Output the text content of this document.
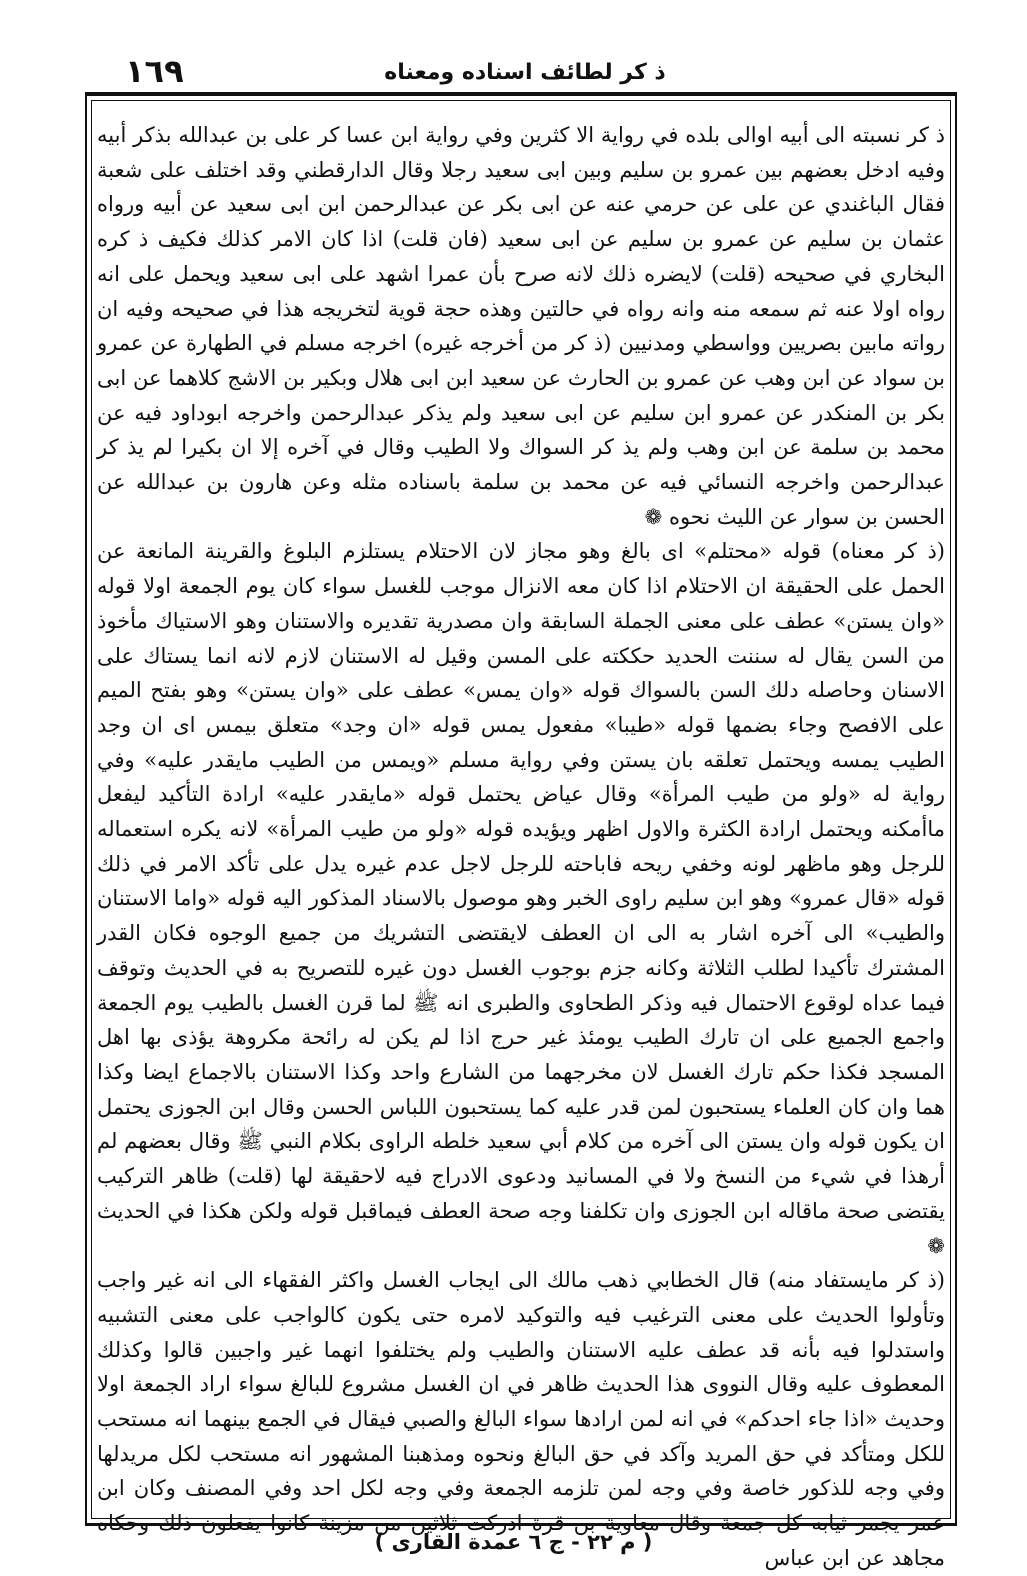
١٦٩	ذ كر لطائف اسناده ومعناه

ذ كر نسبته الى أبيه اوالى بلده في رواية الا كثرين وفي رواية ابن عسا كر على بن عبدالله بذكر أبيه وفيه ادخل بعضهم بين عمرو بن سليم وبين ابى سعيد رجلا وقال الدارقطني وقد اختلف على شعبة فقال الباغندي عن على عن حرمي عنه عن ابى بكر عن عبدالرحمن ابن ابى سعيد عن أبيه ورواه عثمان بن سليم عن عمرو بن سليم عن ابى سعيد (فان قلت) اذا كان الامر كذلك فكيف ذ كره البخاري في صحيحه (قلت) لايضره ذلك لانه صرح بأن عمرا اشهد على ابى سعيد ويحمل على انه رواه اولا عنه ثم سمعه منه وانه رواه في حالتين وهذه حجة قوية لتخريجه هذا في صحيحه وفيه ان رواته مابين بصريين وواسطي ومدنيين (ذ كر من أخرجه غيره) اخرجه مسلم في الطهارة عن عمرو بن سواد عن ابن وهب عن عمرو بن الحارث عن سعيد ابن ابى هلال وبكير بن الاشج كلاهما عن ابى بكر بن المنكدر عن عمرو ابن سليم عن ابى سعيد ولم يذكر عبدالرحمن واخرجه ابوداود فيه عن محمد بن سلمة عن ابن وهب ولم يذ كر السواك ولا الطيب وقال في آخره إلا ان بكيرا لم يذ كر عبدالرحمن واخرجه النسائي فيه عن محمد بن سلمة باسناده مثله وعن هارون بن عبدالله عن الحسن بن سوار عن الليث نحوه ❁

(ذ كر معناه) قوله «محتلم» اى بالغ وهو مجاز لان الاحتلام يستلزم البلوغ والقرينة المانعة عن الحمل على الحقيقة ان الاحتلام اذا كان معه الانزال موجب للغسل سواء كان يوم الجمعة اولا قوله «وان يستن» عطف على معنى الجملة السابقة وان مصدرية تقديره والاستنان وهو الاستياك مأخوذ من السن يقال له سننت الحديد حككته على المسن وقيل له الاستنان لازم لانه انما يستاك على الاسنان وحاصله دلك السن بالسواك قوله «وان يمس» عطف على «وان يستن» وهو بفتح الميم على الافصح وجاء بضمها قوله «طيبا» مفعول يمس قوله «ان وجد» متعلق بيمس اى ان وجد الطيب يمسه ويحتمل تعلقه بان يستن وفي رواية مسلم «ويمس من الطيب مايقدر عليه» وفي رواية له «ولو من طيب المرأة» وقال عياض يحتمل قوله «مايقدر عليه» ارادة التأكيد ليفعل ماأمكنه ويحتمل ارادة الكثرة والاول اظهر ويؤيده قوله «ولو من طيب المرأة» لانه يكره استعماله للرجل وهو ماظهر لونه وخفي ريحه فاباحته للرجل لاجل عدم غيره يدل على تأكد الامر في ذلك قوله «قال عمرو» وهو ابن سليم راوى الخبر وهو موصول بالاسناد المذكور اليه قوله «واما الاستنان والطيب» الى آخره اشار به الى ان العطف لايقتضى التشريك من جميع الوجوه فكان القدر المشترك تأكيدا لطلب الثلاثة وكانه جزم بوجوب الغسل دون غيره للتصريح به في الحديث وتوقف فيما عداه لوقوع الاحتمال فيه وذكر الطحاوى والطبرى انه ﷺ لما قرن الغسل بالطيب يوم الجمعة واجمع الجميع على ان تارك الطيب يومئذ غير حرج اذا لم يكن له رائحة مكروهة يؤذى بها اهل المسجد فكذا حكم تارك الغسل لان مخرجهما من الشارع واحد وكذا الاستنان بالاجماع ايضا وكذا هما وان كان العلماء يستحبون لمن قدر عليه كما يستحبون اللباس الحسن وقال ابن الجوزى يحتمل ان يكون قوله وان يستن الى آخره من كلام أبي سعيد خلطه الراوى بكلام النبي ﷺ وقال بعضهم لم أرهذا في شيء من النسخ ولا في المسانيد ودعوى الادراج فيه لاحقيقة لها (قلت) ظاهر التركيب يقتضى صحة ماقاله ابن الجوزى وان تكلفنا وجه صحة العطف فيماقبل قوله ولكن هكذا في الحديث ❁

(ذ كر مايستفاد منه) قال الخطابي ذهب مالك الى ايجاب الغسل واكثر الفقهاء الى انه غير واجب وتأولوا الحديث على معنى الترغيب فيه والتوكيد لامره حتى يكون كالواجب على معنى التشبيه واستدلوا فيه بأنه قد عطف عليه الاستنان والطيب ولم يختلفوا انهما غير واجبين قالوا وكذلك المعطوف عليه وقال النووى هذا الحديث ظاهر في ان الغسل مشروع للبالغ سواء اراد الجمعة اولا وحديث «اذا جاء احدكم» في انه لمن ارادها سواء البالغ والصبي فيقال في الجمع بينهما انه مستحب للكل ومتأكد في حق المريد وآكد في حق البالغ ونحوه ومذهبنا المشهور انه مستحب لكل مريدلها وفي وجه للذكور خاصة وفي وجه لمن تلزمه الجمعة وفي وجه لكل احد وفي المصنف وكان ابن عمر يجمر ثيابه كل جمعة وقال معاوية بن قرة ادركت ثلاثين من مزينة كانوا يفعلون ذلك وحكاه مجاهد عن ابن عباس

( م ٢٢ - ج ٦ عمدة القارى )
